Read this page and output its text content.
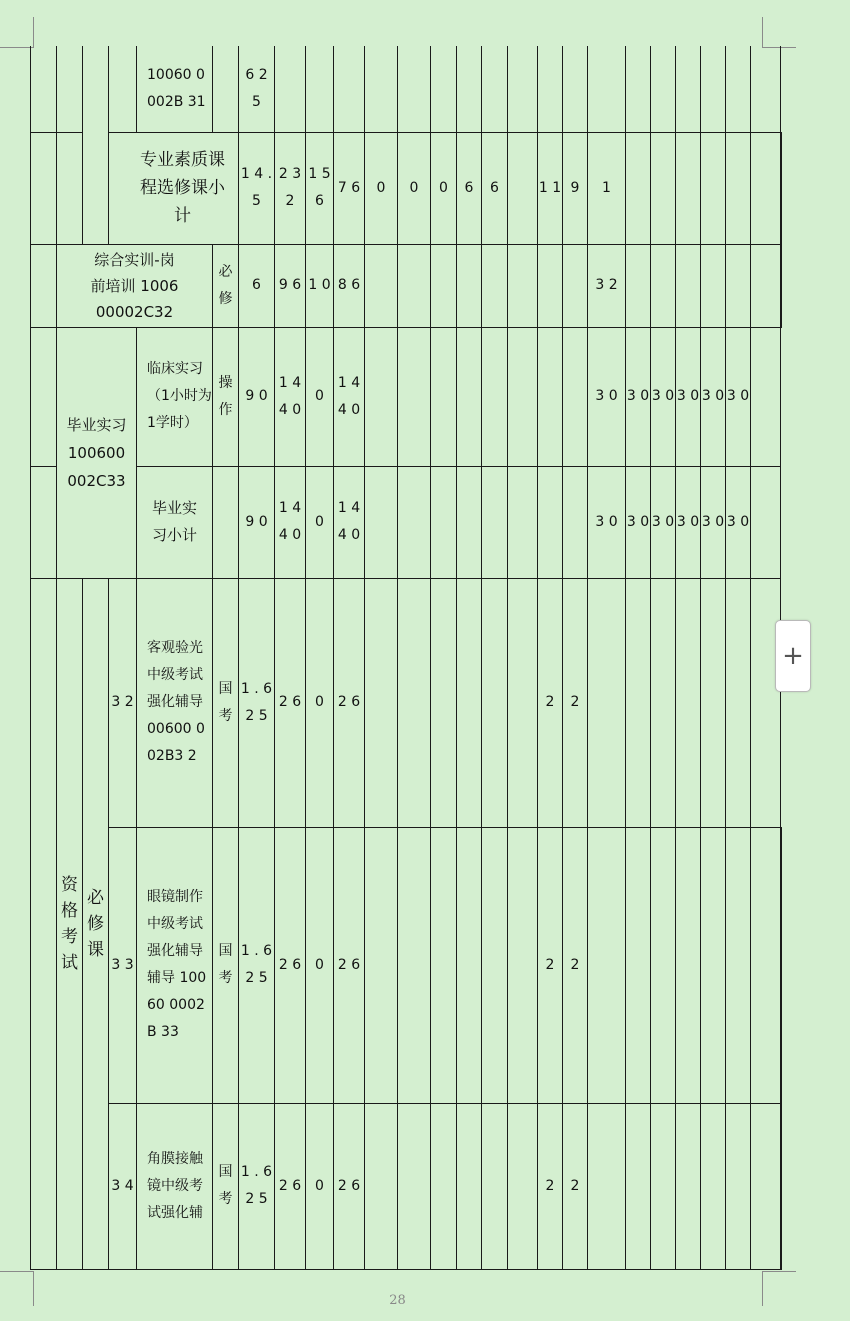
				10060 0002B 31		6 2 5																			
			专业素质课程选修课小计			1 4 . 5	2 3 2	1 5 6	7 6	0	0	0	6	6		1 1	9	1							
	综合实训-岗前培训 100600002C32				必修	6	9 6	1 0	8 6									3 2							
	毕业实习 100600 002C33			临床实习（1小时为1学时）	操作	9 0	1 4 4 0	0	1 4 4 0									3 0	3 0	3 0	3 0	3 0	3 0		
				毕业实习小计		9 0	1 4 4 0	0	1 4 4 0									3 0	3 0	3 0	3 0	3 0	3 0		
	资格考试	必修课	3 2	客观验光中级考试强化辅导 00600 002B3 2	国考	1 . 6 2 5	2 6	0	2 6							2	2								
			3 3	眼镜制作中级考试强化辅导辅导 10060 0002B 33	国考	1 . 6 2 5	2 6	0	2 6							2	2								
			3 4	角膜接触镜中级考试强化辅	国考	1 . 6 2 5	2 6	0	2 6							2	2								
+
28
